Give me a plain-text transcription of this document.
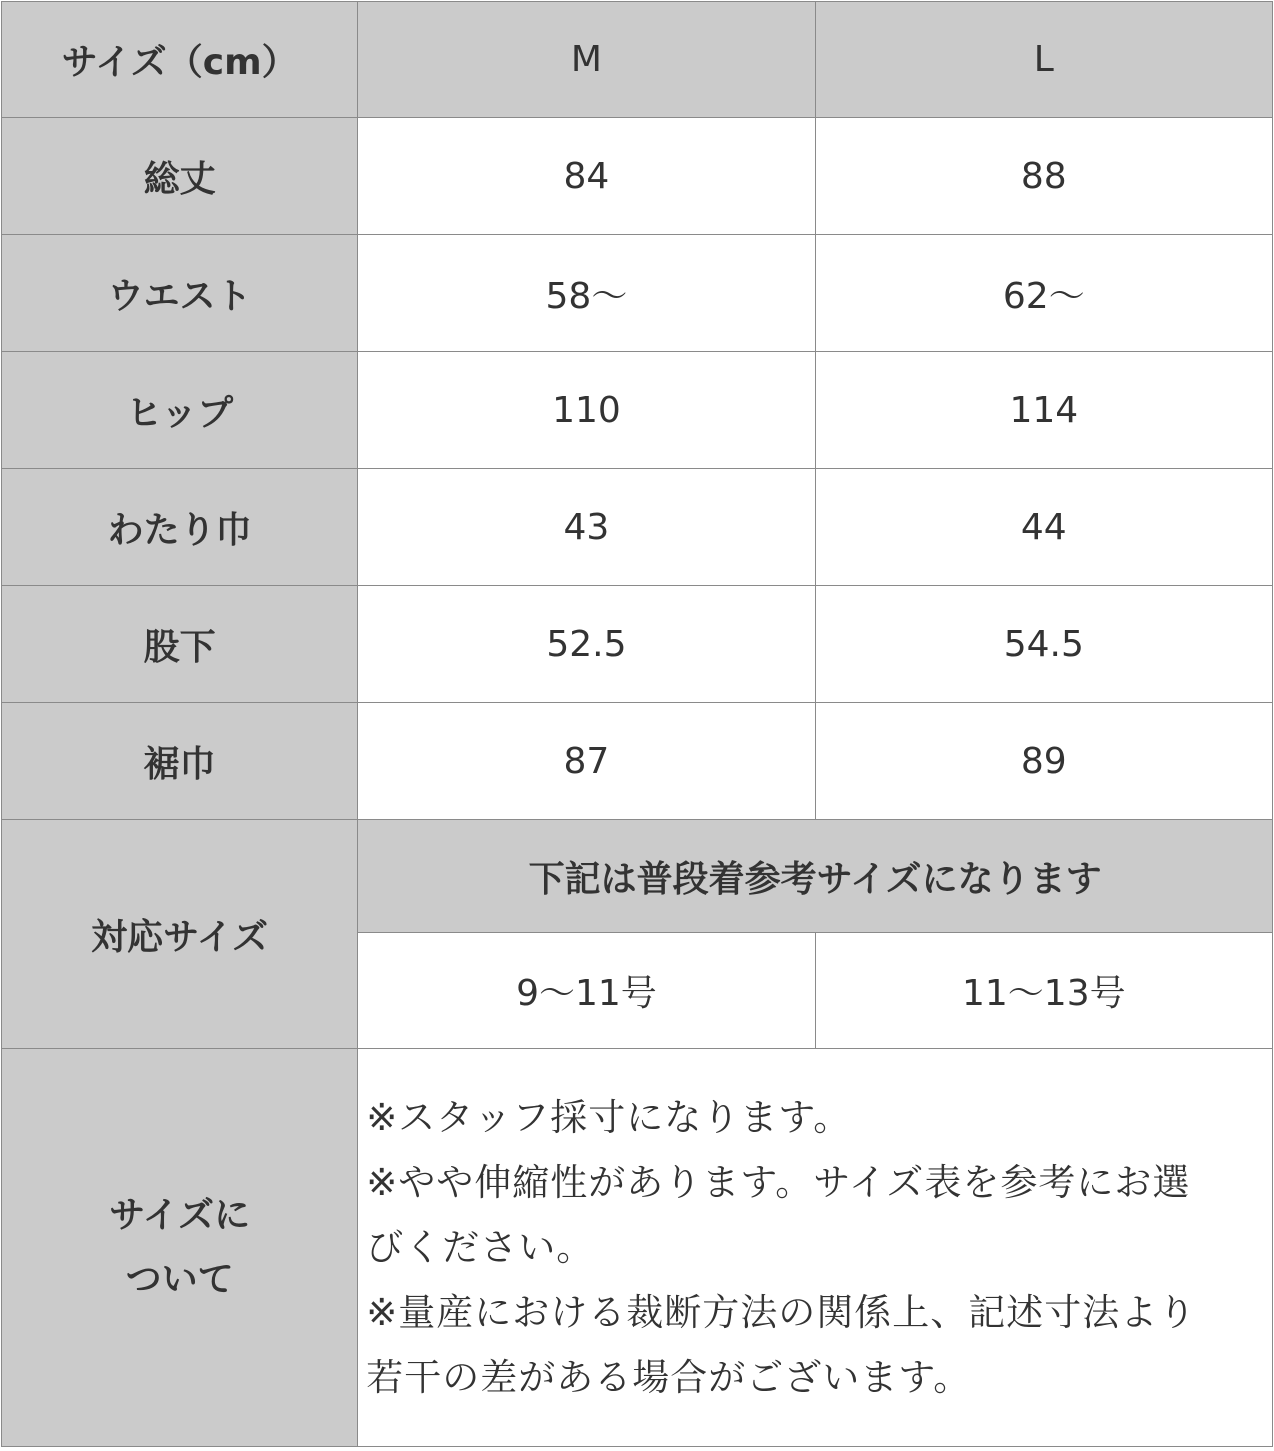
サイズ（cm）	M	L
総丈	84	88
ウエスト	58～	62～
ヒップ	110	114
わたり巾	43	44
股下	52.5	54.5
裾巾	87	89
対応サイズ	下記は普段着参考サイズになります	
	9～11号	11～13号

サイズに
ついて	※スタッフ採寸になります。
※やや伸縮性があります。サイズ表を参考にお選
びください。
※量産における裁断方法の関係上、記述寸法より
若干の差がある場合がございます。	
